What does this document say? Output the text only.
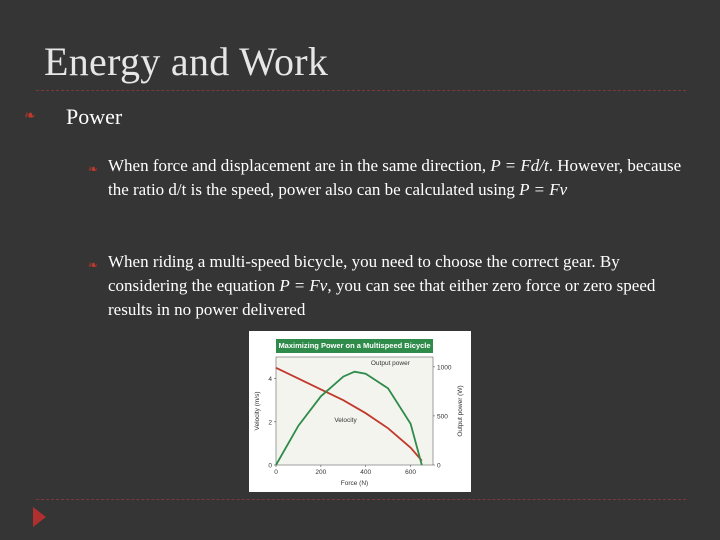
Energy and Work
❧ Power
❧ When force and displacement are in the same direction, P = Fd/t. However, because the ratio d/t is the speed, power also can be calculated using P = Fv
❧ When riding a multi-speed bicycle, you need to choose the correct gear. By considering the equation P = Fv, you can see that either zero force or zero speed results in no power delivered
Maximizing Power on a Multispeed Bicycle
0	200	400	600
0
2
4
0
500
1000
Force (N)
Velocity (m/s)	Output power (W)
Output power
Velocity
